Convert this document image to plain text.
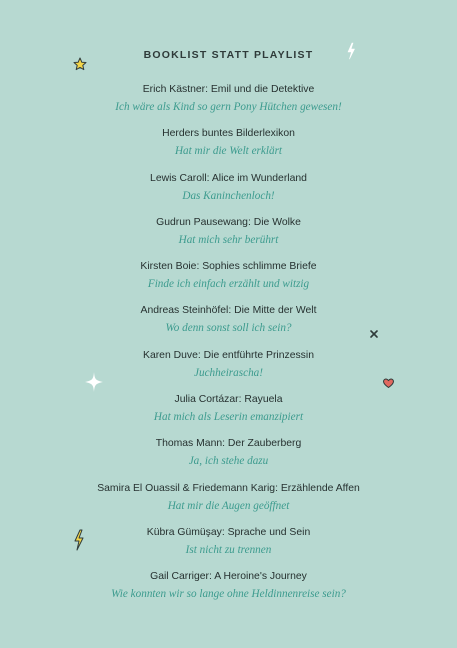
BOOKLIST STATT PLAYLIST
Erich Kästner: Emil und die Detektive
Ich wäre als Kind so gern Pony Hütchen gewesen!
Herders buntes Bilderlexikon
Hat mir die Welt erklärt
Lewis Caroll: Alice im Wunderland
Das Kaninchenloch!
Gudrun Pausewang: Die Wolke
Hat mich sehr berührt
Kirsten Boie: Sophies schlimme Briefe
Finde ich einfach erzählt und witzig
Andreas Steinhöfel: Die Mitte der Welt
Wo denn sonst soll ich sein?
Karen Duve: Die entführte Prinzessin
Juchheirascha!
Julia Cortázar: Rayuela
Hat mich als Leserin emanzipiert
Thomas Mann: Der Zauberberg
Ja, ich stehe dazu
Samira El Ouassil & Friedemann Karig: Erzählende Affen
Hat mir die Augen geöffnet
Kübra Gümüşay: Sprache und Sein
Ist nicht zu trennen
Gail Carriger: A Heroine's Journey
Wie konnten wir so lange ohne Heldinnenreise sein?
